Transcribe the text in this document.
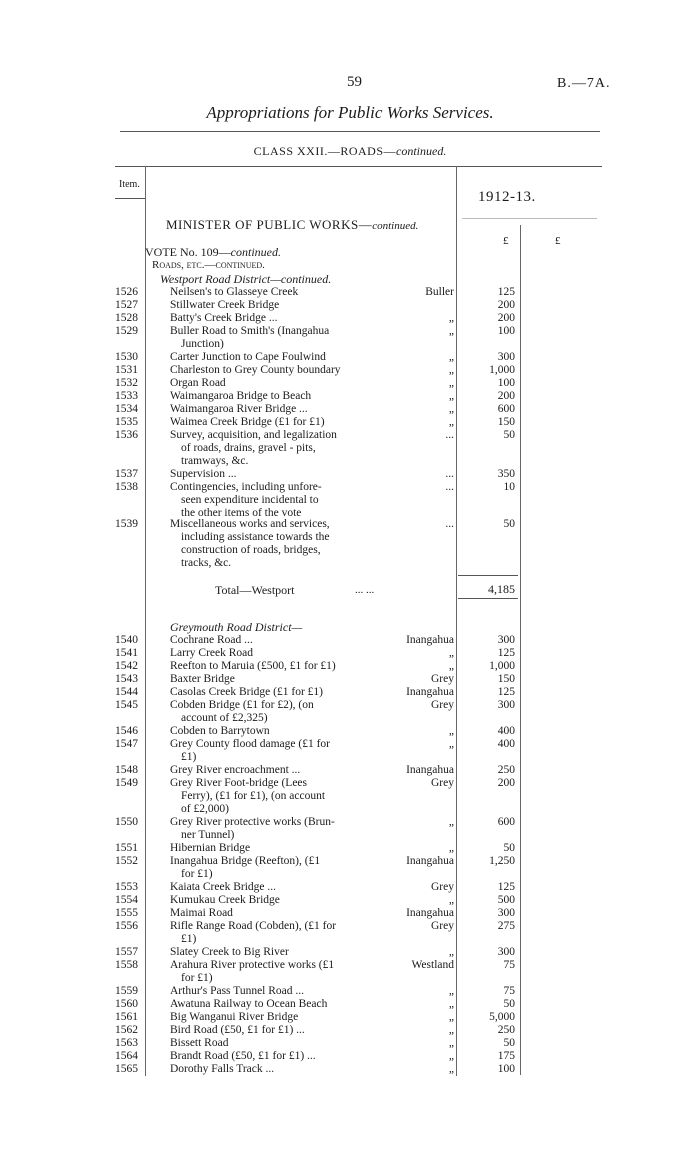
59	B.—7A.
Appropriations for Public Works Services.
CLASS XXII.—ROADS—continued.
Item.
1912-13.
MINISTER OF PUBLIC WORKS—continued.
£	£
VOTE No. 109—continued.
Roads, etc.—continued.
Westport Road District—continued.
1526	Neilsen's to Glasseye Creek	Buller	125
1527	Stillwater Creek Bridge	200
1528	Batty's Creek Bridge ...	„	200
1529	Buller Road to Smith's (Inangahua
Junction)
„	100
1530	Carter Junction to Cape Foulwind	„	300
1531	Charleston to Grey County boundary	„	1,000
1532	Organ Road	„	100
1533	Waimangaroa Bridge to Beach	„	200
1534	Waimangaroa River Bridge ...	„	600
1535	Waimea Creek Bridge (£1 for £1)	„	150
1536	Survey, acquisition, and legalization
of roads, drains, gravel - pits,
tramways, &c.
...	50
1537	Supervision ...	...	350
1538	Contingencies, including unfore-
seen expenditure incidental to
the other items of the vote
...	10
1539	Miscellaneous works and services,
including assistance towards the
construction of roads, bridges,
tracks, &c.
...	50
Total—Westport	... ...	4,185
Greymouth Road District—
1540	Cochrane Road ...	Inangahua	300
1541	Larry Creek Road	„	125
1542	Reefton to Maruia (£500, £1 for £1)	„	1,000
1543	Baxter Bridge	Grey	150
1544	Casolas Creek Bridge (£1 for £1)	Inangahua	125
1545	Cobden Bridge (£1 for £2), (on
account of £2,325)
Grey	300
1546	Cobden to Barrytown	„	400
1547	Grey County flood damage (£1 for
£1)
„	400
1548	Grey River encroachment ...	Inangahua	250
1549	Grey River Foot-bridge (Lees
Ferry), (£1 for £1), (on account
of £2,000)
Grey	200
1550	Grey River protective works (Brun-
ner Tunnel)
„	600
1551	Hibernian Bridge	„	50
1552	Inangahua Bridge (Reefton), (£1
for £1)
Inangahua	1,250
1553	Kaiata Creek Bridge ...	Grey	125
1554	Kumukau Creek Bridge	„	500
1555	Maimai Road	Inangahua	300
1556	Rifle Range Road (Cobden), (£1 for
£1)
Grey	275
1557	Slatey Creek to Big River	„	300
1558	Arahura River protective works (£1
for £1)
Westland	75
1559	Arthur's Pass Tunnel Road ...	„	75
1560	Awatuna Railway to Ocean Beach	„	50
1561	Big Wanganui River Bridge	„	5,000
1562	Bird Road (£50, £1 for £1) ...	„	250
1563	Bissett Road	„	50
1564	Brandt Road (£50, £1 for £1) ...	„	175
1565	Dorothy Falls Track ...	„	100
